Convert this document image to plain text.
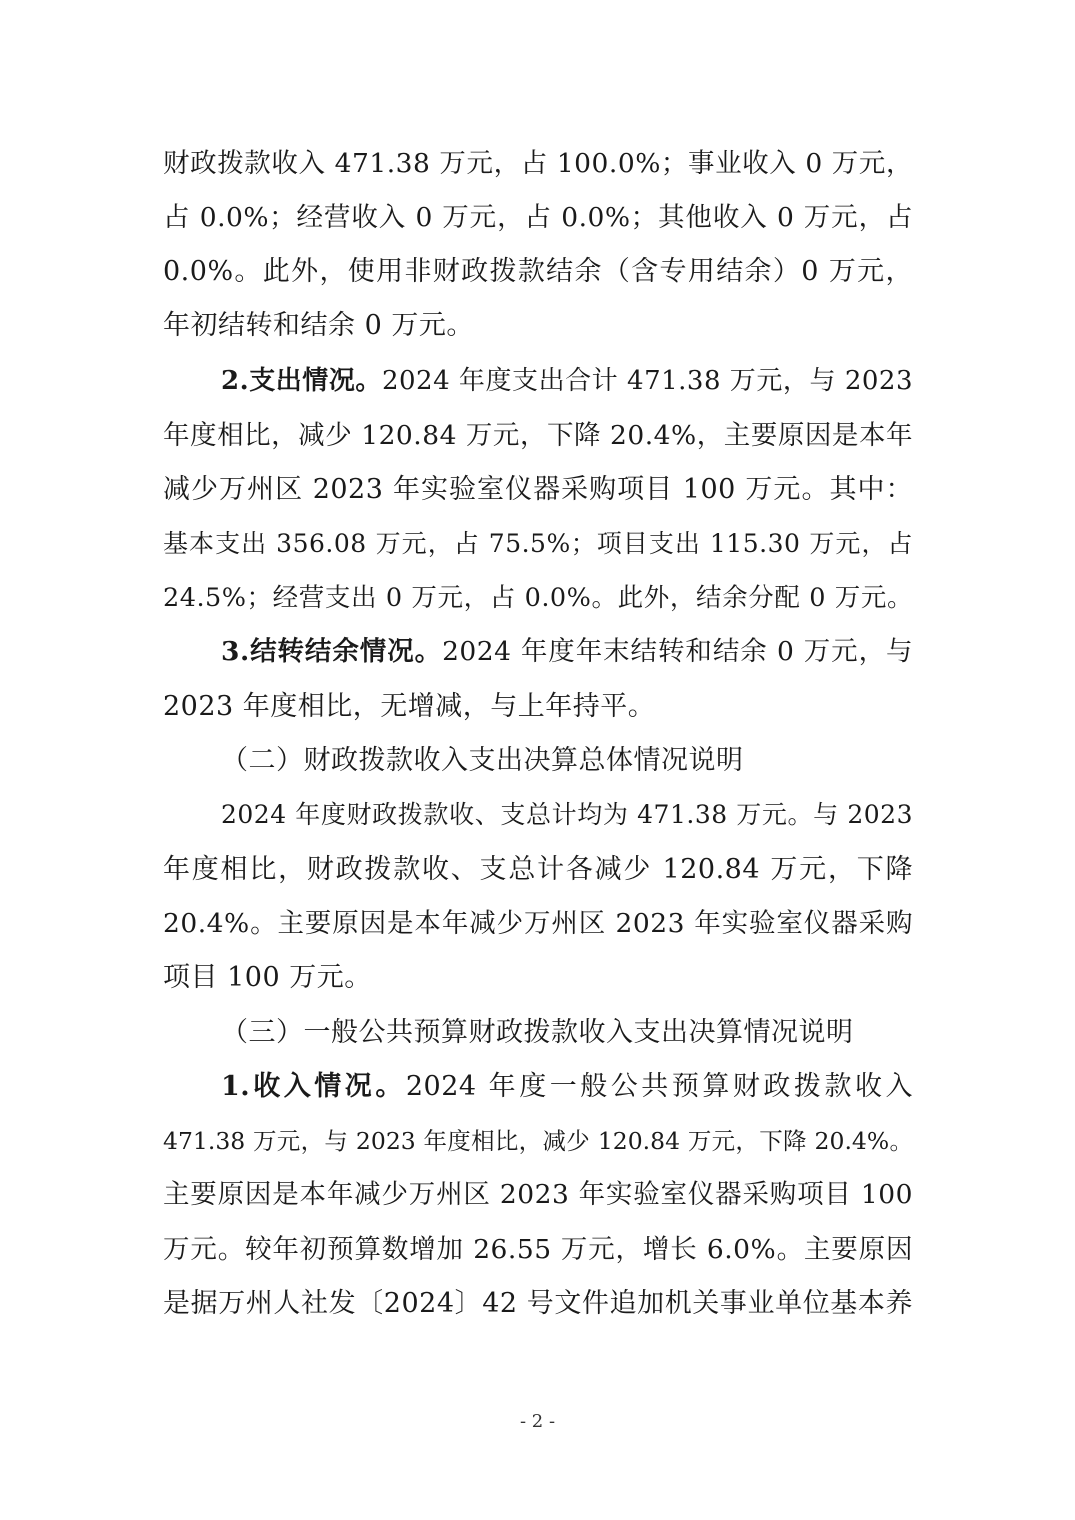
财政拨款收入 471.38 万元，占 100.0%；事业收入 0 万元，
占 0.0%；经营收入 0 万元，占 0.0%；其他收入 0 万元，占
0.0%。此外，使用非财政拨款结余（含专用结余）0 万元，
年初结转和结余 0 万元。
2.支出情况。2024 年度支出合计 471.38 万元，与 2023
年度相比，减少 120.84 万元，下降 20.4%，主要原因是本年
减少万州区 2023 年实验室仪器采购项目 100 万元。其中：
基本支出 356.08 万元，占 75.5%；项目支出 115.30 万元，占
24.5%；经营支出 0 万元，占 0.0%。此外，结余分配 0 万元。
3.结转结余情况。2024 年度年末结转和结余 0 万元，与
2023 年度相比，无增减，与上年持平。
（二）财政拨款收入支出决算总体情况说明
2024 年度财政拨款收、支总计均为 471.38 万元。与 2023
年度相比，财政拨款收、支总计各减少 120.84 万元，下降
20.4%。主要原因是本年减少万州区 2023 年实验室仪器采购
项目 100 万元。
（三）一般公共预算财政拨款收入支出决算情况说明
1.收入情况。2024 年度一般公共预算财政拨款收入
471.38 万元，与 2023 年度相比，减少 120.84 万元，下降 20.4%。
主要原因是本年减少万州区 2023 年实验室仪器采购项目 100
万元。较年初预算数增加 26.55 万元，增长 6.0%。主要原因
是据万州人社发〔2024〕42 号文件追加机关事业单位基本养
- 2 -
